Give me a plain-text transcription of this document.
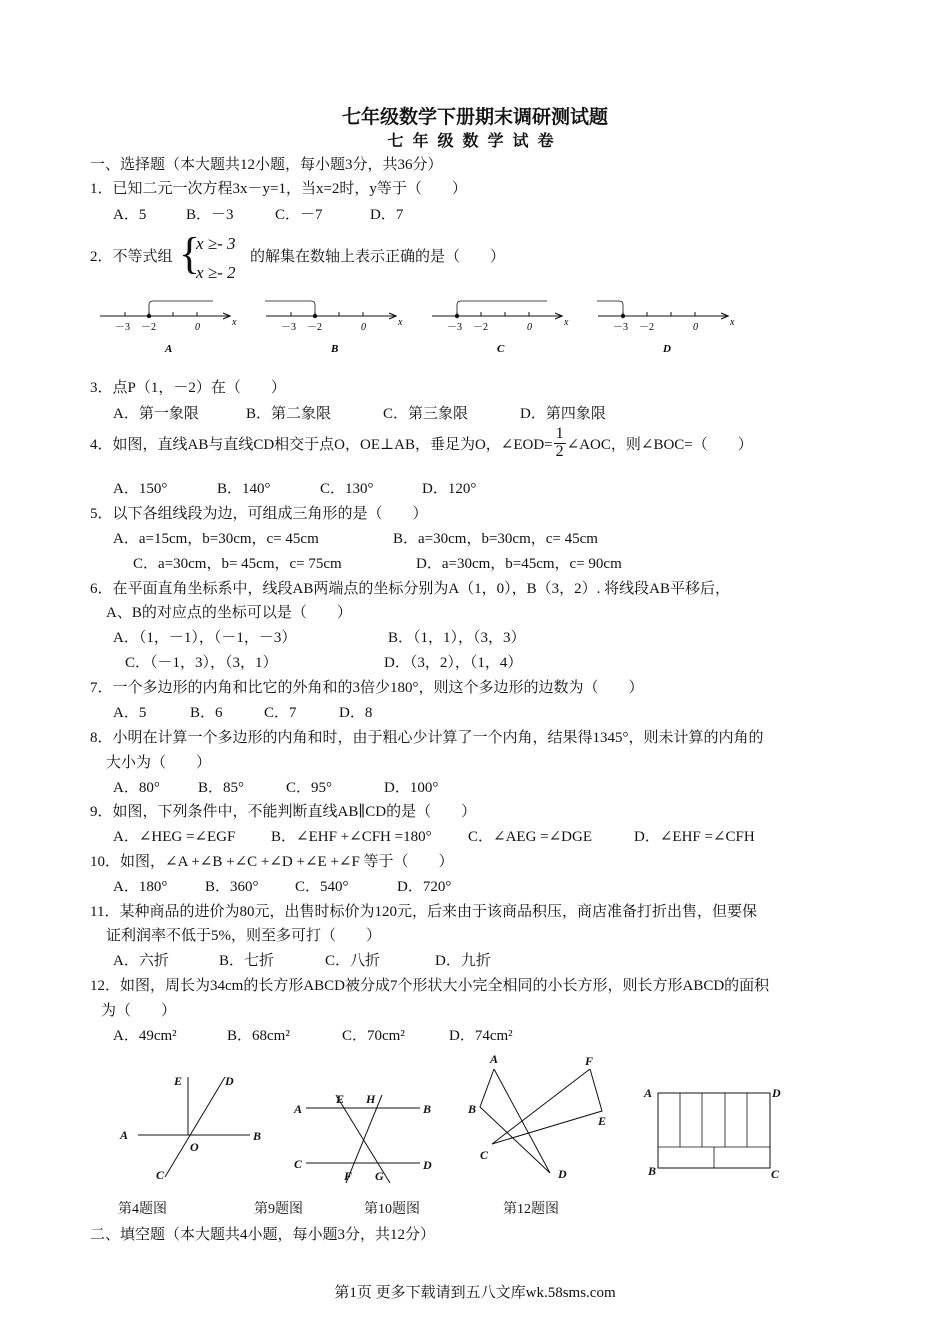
七年级数学下册期末调研测试题
七年级数学试卷
一、选择题（本大题共12小题，每小题3分，共36分）
1．已知二元一次方程3x－y=1，当x=2时，y等于（　　）
A．5	B．－3	C．－7	D．7
2．不等式组 {
x ≥- 3
x ≥- 2
的解集在数轴上表示正确的是（　　）
－3 －2	0	x
A
－3 －2	0	x
B
－3 －2	0	x
C
－3 －2	0	x
D
3．点P（1，－2）在（　　）
A．第一象限	B．第二象限	C．第三象限	D．第四象限
4．如图，直线AB与直线CD相交于点O，OE⊥AB，垂足为O，∠EOD= $\frac{1}{2}$ ∠AOC，则∠BOC=（　　）
A．150°	B．140°	C．130°	D．120°
5．以下各组线段为边，可组成三角形的是（　　）
A．a=15cm，b=30cm，c= 45cm	B．a=30cm，b=30cm，c= 45cm
C．a=30cm，b= 45cm，c= 75cm	D．a=30cm，b=45cm，c= 90cm
6．在平面直角坐标系中，线段AB两端点的坐标分别为A（1，0），B（3，2）. 将线段AB平移后，
A、B的对应点的坐标可以是（　　）
A．（1，－1），（－1，－3）	B．（1，1），（3，3）
C．（－1，3），（3，1）	D．（3，2），（1，4）
7．一个多边形的内角和比它的外角和的3倍少180°，则这个多边形的边数为（　　）
A．5	B．6	C．7	D．8
8．小明在计算一个多边形的内角和时，由于粗心少计算了一个内角，结果得1345°，则未计算的内角的
大小为（　　）
A．80°	B．85°	C．95°	D．100°
9．如图，下列条件中，不能判断直线AB∥CD的是（　　）
A．∠HEG =∠EGF B．∠EHF +∠CFH =180° C．∠AEG =∠DGE	D．∠EHF =∠CFH
10．如图，∠A +∠B +∠C +∠D +∠E +∠F 等于（　　）
A．180°	B．360° C．540°	D．720°
11．某种商品的进价为80元，出售时标价为120元，后来由于该商品积压，商店准备打折出售，但要保
证利润率不低于5%，则至多可打（　　）
A．六折	B．七折	C．八折	D．九折
12．如图，周长为34cm的长方形ABCD被分成7个形状大小完全相同的小长方形，则长方形ABCD的面积
为（　　）
A．49cm²	B．68cm²	C．70cm²	D．74cm²
E	D
A
O
B
C
E H
A	B
C
F G
D
A	F
B
E
C
D
A	D
B	C
第4题图	第9题图	第10题图	第12题图
二、填空题（本大题共4小题，每小题3分，共12分）
第1页 更多下载请到五八文库wk.58sms.com
